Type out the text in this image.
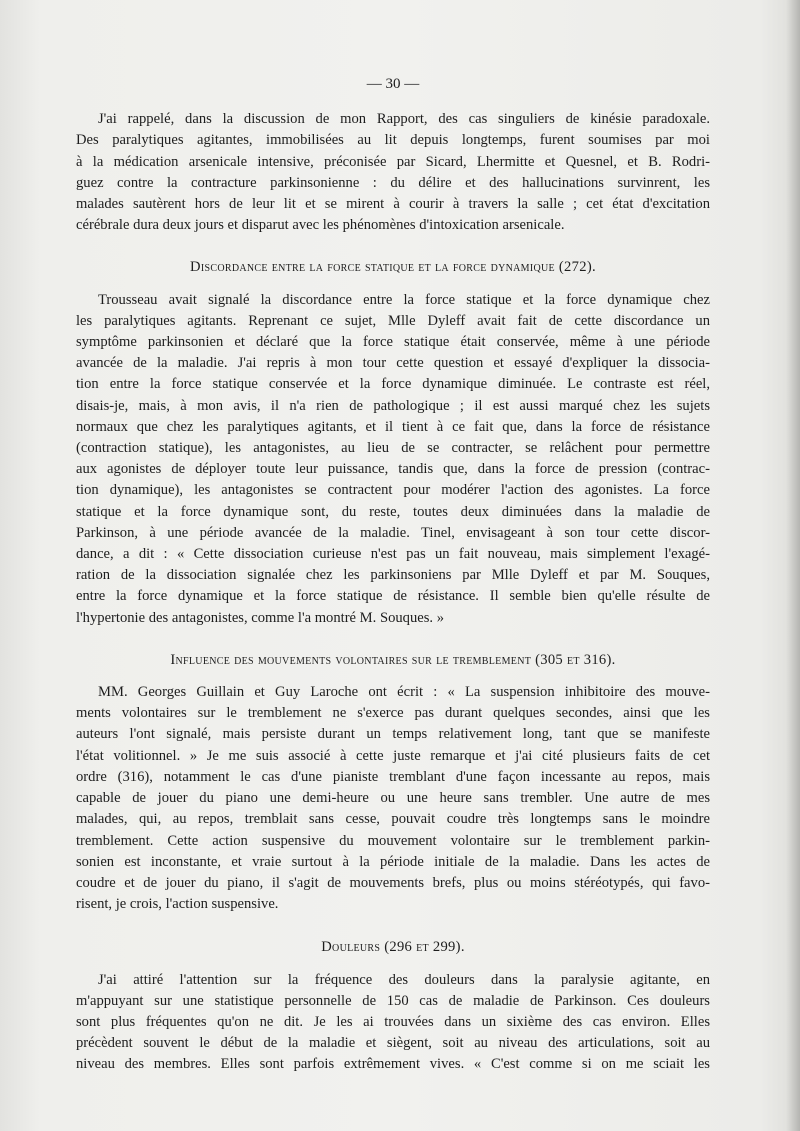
— 30 —
J'ai rappelé, dans la discussion de mon Rapport, des cas singuliers de kinésie paradoxale.
Des paralytiques agitantes, immobilisées au lit depuis longtemps, furent soumises par moi
à la médication arsenicale intensive, préconisée par Sicard, Lhermitte et Quesnel, et B. Rodri-
guez contre la contracture parkinsonienne : du délire et des hallucinations survinrent, les
malades sautèrent hors de leur lit et se mirent à courir à travers la salle ; cet état d'excitation
cérébrale dura deux jours et disparut avec les phénomènes d'intoxication arsenicale.
Discordance entre la force statique et la force dynamique (272).
Trousseau avait signalé la discordance entre la force statique et la force dynamique chez
les paralytiques agitants. Reprenant ce sujet, Mlle Dyleff avait fait de cette discordance un
symptôme parkinsonien et déclaré que la force statique était conservée, même à une période
avancée de la maladie. J'ai repris à mon tour cette question et essayé d'expliquer la dissocia-
tion entre la force statique conservée et la force dynamique diminuée. Le contraste est réel,
disais-je, mais, à mon avis, il n'a rien de pathologique ; il est aussi marqué chez les sujets
normaux que chez les paralytiques agitants, et il tient à ce fait que, dans la force de résistance
(contraction statique), les antagonistes, au lieu de se contracter, se relâchent pour permettre
aux agonistes de déployer toute leur puissance, tandis que, dans la force de pression (contrac-
tion dynamique), les antagonistes se contractent pour modérer l'action des agonistes. La force
statique et la force dynamique sont, du reste, toutes deux diminuées dans la maladie de
Parkinson, à une période avancée de la maladie. Tinel, envisageant à son tour cette discor-
dance, a dit : « Cette dissociation curieuse n'est pas un fait nouveau, mais simplement l'exagé-
ration de la dissociation signalée chez les parkinsoniens par Mlle Dyleff et par M. Souques,
entre la force dynamique et la force statique de résistance. Il semble bien qu'elle résulte de
l'hypertonie des antagonistes, comme l'a montré M. Souques. »
Influence des mouvements volontaires sur le tremblement (305 et 316).
MM. Georges Guillain et Guy Laroche ont écrit : « La suspension inhibitoire des mouve-
ments volontaires sur le tremblement ne s'exerce pas durant quelques secondes, ainsi que les
auteurs l'ont signalé, mais persiste durant un temps relativement long, tant que se manifeste
l'état volitionnel. » Je me suis associé à cette juste remarque et j'ai cité plusieurs faits de cet
ordre (316), notamment le cas d'une pianiste tremblant d'une façon incessante au repos, mais
capable de jouer du piano une demi-heure ou une heure sans trembler. Une autre de mes
malades, qui, au repos, tremblait sans cesse, pouvait coudre très longtemps sans le moindre
tremblement. Cette action suspensive du mouvement volontaire sur le tremblement parkin-
sonien est inconstante, et vraie surtout à la période initiale de la maladie. Dans les actes de
coudre et de jouer du piano, il s'agit de mouvements brefs, plus ou moins stéréotypés, qui favo-
risent, je crois, l'action suspensive.
Douleurs (296 et 299).
J'ai attiré l'attention sur la fréquence des douleurs dans la paralysie agitante, en
m'appuyant sur une statistique personnelle de 150 cas de maladie de Parkinson. Ces douleurs
sont plus fréquentes qu'on ne dit. Je les ai trouvées dans un sixième des cas environ. Elles
précèdent souvent le début de la maladie et siègent, soit au niveau des articulations, soit au
niveau des membres. Elles sont parfois extrêmement vives. « C'est comme si on me sciait les
